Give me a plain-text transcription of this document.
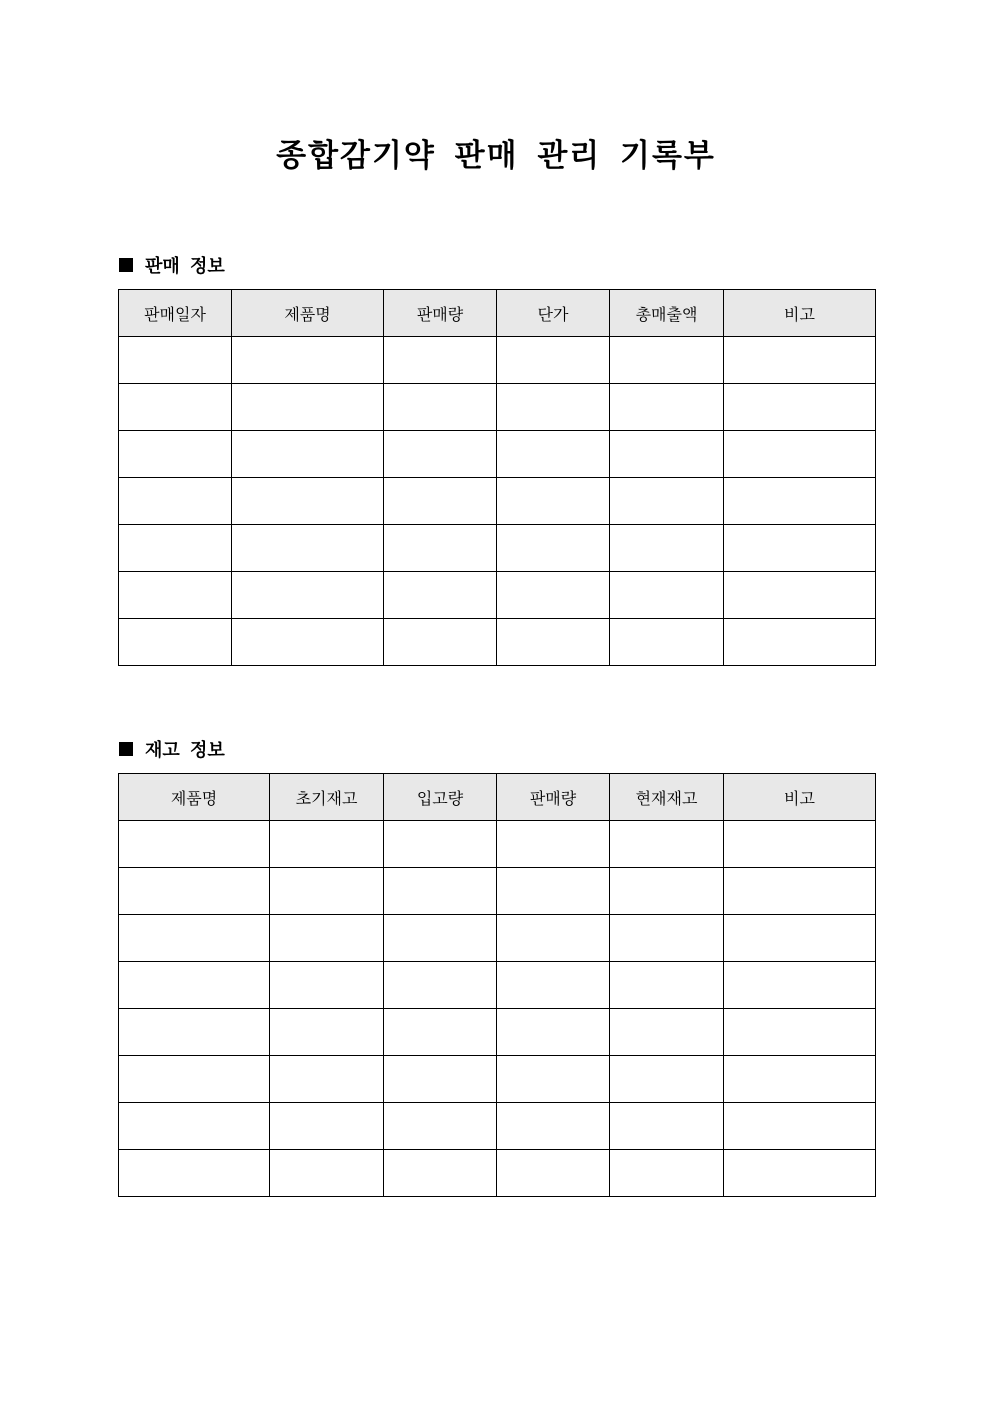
종합감기약 판매 관리 기록부
판매 정보
판매일자	제품명	판매량	단가	총매출액	비고

재고 정보
제품명	초기재고	입고량	판매량	현재재고	비고
